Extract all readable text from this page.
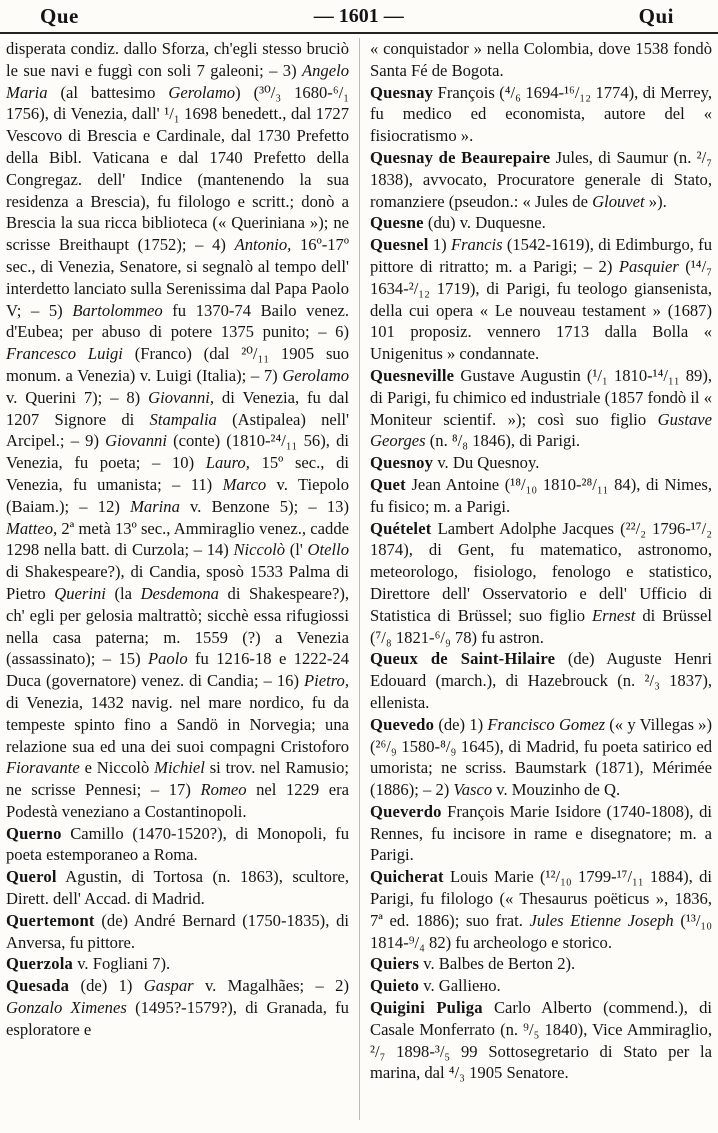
Que	— 1601 —	Qui

disperata condiz. dallo Sforza, ch'egli stesso bruciò le sue navi e fuggì con soli 7 galeoni; – 3) Angelo Maria (al battesimo Gerolamo) (³⁰/₃ 1680-⁶/₁ 1756), di Venezia, dall' ¹/₁ 1698 benedett., dal 1727 Vescovo di Brescia e Cardinale, dal 1730 Prefetto della Bibl. Vaticana e dal 1740 Prefetto della Congregaz. dell' Indice (mantenendo la sua residenza a Brescia), fu filologo e scritt.; donò a Brescia la sua ricca biblioteca (« Queriniana »); ne scrisse Breithaupt (1752); – 4) Antonio, 16º-17º sec., di Venezia, Senatore, si segnalò al tempo dell' interdetto lanciato sulla Serenissima dal Papa Paolo V; – 5) Bartolommeo fu 1370-74 Bailo venez. d'Eubea; per abuso di potere 1375 punito; – 6) Francesco Luigi (Franco) (dal ²⁰/₁₁ 1905 suo monum. a Venezia) v. Luigi (Italia); – 7) Gerolamo v. Querini 7); – 8) Giovanni, di Venezia, fu dal 1207 Signore di Stampalia (Astipalea) nell' Arcipel.; – 9) Giovanni (conte) (1810-²⁴/₁₁ 56), di Venezia, fu poeta; – 10) Lauro, 15º sec., di Venezia, fu umanista; – 11) Marco v. Tiepolo (Baiam.); – 12) Marina v. Benzone 5); – 13) Matteo, 2ª metà 13º sec., Ammiraglio venez., cadde 1298 nella batt. di Curzola; – 14) Niccolò (l' Otello di Shakespeare?), di Candia, sposò 1533 Palma di Pietro Querini (la Desdemona di Shakespeare?), ch' egli per gelosia maltrattò; sicchè essa rifugiossi nella casa paterna; m. 1559 (?) a Venezia (assassinato); – 15) Paolo fu 1216-18 e 1222-24 Duca (governatore) venez. di Candia; – 16) Pietro, di Venezia, 1432 navig. nel mare nordico, fu da tempeste spinto fino a Sandö in Norvegia; una relazione sua ed una dei suoi compagni Cristoforo Fioravante e Niccolò Michiel si trov. nel Ramusio; ne scrisse Pennesi; – 17) Romeo nel 1229 era Podestà veneziano a Costantinopoli.

Querno Camillo (1470-1520?), di Monopoli, fu poeta estemporaneo a Roma.

Querol Agustin, di Tortosa (n. 1863), scultore, Dirett. dell' Accad. di Madrid.

Quertemont (de) André Bernard (1750-1835), di Anversa, fu pittore.

Querzola v. Fogliani 7).

Quesada (de) 1) Gaspar v. Magalhães; – 2) Gonzalo Ximenes (1495?-1579?), di Granada, fu esploratore e

« conquistador » nella Colombia, dove 1538 fondò Santa Fé de Bogota.

Quesnay François (⁴/₆ 1694-¹⁶/₁₂ 1774), di Merrey, fu medico ed economista, autore del « fisiocratismo ».

Quesnay de Beaurepaire Jules, di Saumur (n. ²/₇ 1838), avvocato, Procuratore generale di Stato, romanziere (pseudon.: « Jules de Glouvet »).

Quesne (du) v. Duquesne.

Quesnel 1) Francis (1542-1619), di Edimburgo, fu pittore di ritratto; m. a Parigi; – 2) Pasquier (¹⁴/₇ 1634-²/₁₂ 1719), di Parigi, fu teologo giansenista, della cui opera « Le nouveau testament » (1687) 101 proposiz. vennero 1713 dalla Bolla « Unigenitus » condannate.

Quesneville Gustave Augustin (¹/₁ 1810-¹⁴/₁₁ 89), di Parigi, fu chimico ed industriale (1857 fondò il « Moniteur scientif. »); così suo figlio Gustave Georges (n. ⁸/₈ 1846), di Parigi.

Quesnoy v. Du Quesnoy.

Quet Jean Antoine (¹⁸/₁₀ 1810-²⁸/₁₁ 84), di Nimes, fu fisico; m. a Parigi.

Quételet Lambert Adolphe Jacques (²²/₂ 1796-¹⁷/₂ 1874), di Gent, fu matematico, astronomo, meteorologo, fisiologo, fenologo e statistico, Direttore dell' Osservatorio e dell' Ufficio di Statistica di Brüssel; suo figlio Ernest di Brüssel (⁷/₈ 1821-⁶/₉ 78) fu astron.

Queux de Saint-Hilaire (de) Auguste Henri Edouard (march.), di Hazebrouck (n. ²/₃ 1837), ellenista.

Quevedo (de) 1) Francisco Gomez (« y Villegas ») (²⁶/₉ 1580-⁸/₉ 1645), di Madrid, fu poeta satirico ed umorista; ne scriss. Baumstark (1871), Mérimée (1886); – 2) Vasco v. Mouzinho de Q.

Queverdo François Marie Isidore (1740-1808), di Rennes, fu incisore in rame e disegnatore; m. a Parigi.

Quicherat Louis Marie (¹²/₁₀ 1799-¹⁷/₁₁ 1884), di Parigi, fu filologo (« Thesaurus poëticus », 1836, 7ª ed. 1886); suo frat. Jules Etienne Joseph (¹³/₁₀ 1814-⁹/₄ 82) fu archeologo e storico.

Quiers v. Balbes de Berton 2).

Quieto v. Galliено.

Quigini Puliga Carlo Alberto (commend.), di Casale Monferrato (n. ⁹/₅ 1840), Vice Ammiraglio, ²/₇ 1898-³/₅ 99 Sottosegretario di Stato per la marina, dal ⁴/₃ 1905 Senatore.
